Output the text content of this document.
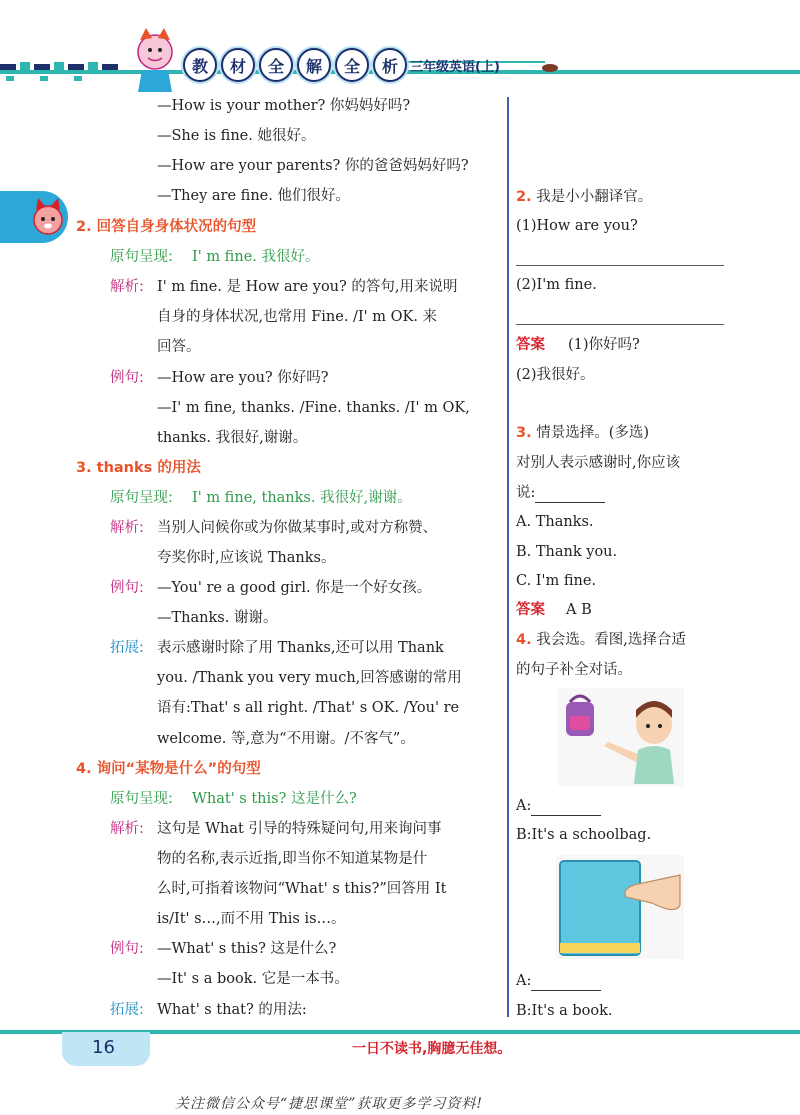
教	材	全	解	全	析 三年级英语(上)
—How is your mother? 你妈妈好吗?
—She is fine. 她很好。
—How are your parents? 你的爸爸妈妈好吗?
—They are fine. 他们很好。
2. 回答自身身体状况的句型
原句呈现: I' m fine. 我很好。
解析: I' m fine. 是 How are you? 的答句,用来说明
自身的身体状况,也常用 Fine. /I' m OK. 来
回答。
例句: —How are you? 你好吗?
—I' m fine, thanks. /Fine. thanks. /I' m OK,
thanks. 我很好,谢谢。
3. thanks 的用法
原句呈现: I' m fine, thanks. 我很好,谢谢。
解析: 当别人问候你或为你做某事时,或对方称赞、
夸奖你时,应该说 Thanks。
例句: —You' re a good girl. 你是一个好女孩。
—Thanks. 谢谢。
拓展: 表示感谢时除了用 Thanks,还可以用 Thank
you. /Thank you very much,回答感谢的常用
语有:That' s all right. /That' s OK. /You' re
welcome. 等,意为“不用谢。/不客气”。
4. 询问“某物是什么”的句型
原句呈现: What' s this? 这是什么?
解析: 这句是 What 引导的特殊疑问句,用来询问事
物的名称,表示近指,即当你不知道某物是什
么时,可指着该物问“What' s this?”回答用 It
is/It' s…,而不用 This is…。
例句: —What' s this? 这是什么?
—It' s a book. 它是一本书。
拓展: What' s that? 的用法:
2. 我是小小翻译官。
(1)How are you?
(2)I'm fine.
答案 (1)你好吗?
(2)我很好。
3. 情景选择。(多选)
对别人表示感谢时,你应该
说:
A. Thanks.
B. Thank you.
C. I'm fine.
答案 A B
4. 我会选。看图,选择合适
的句子补全对话。
A:
B:It's a schoolbag.
A:
B:It's a book.
16	一日不读书,胸臆无佳想。
关注微信公众号“捷思课堂”获取更多学习资料!
